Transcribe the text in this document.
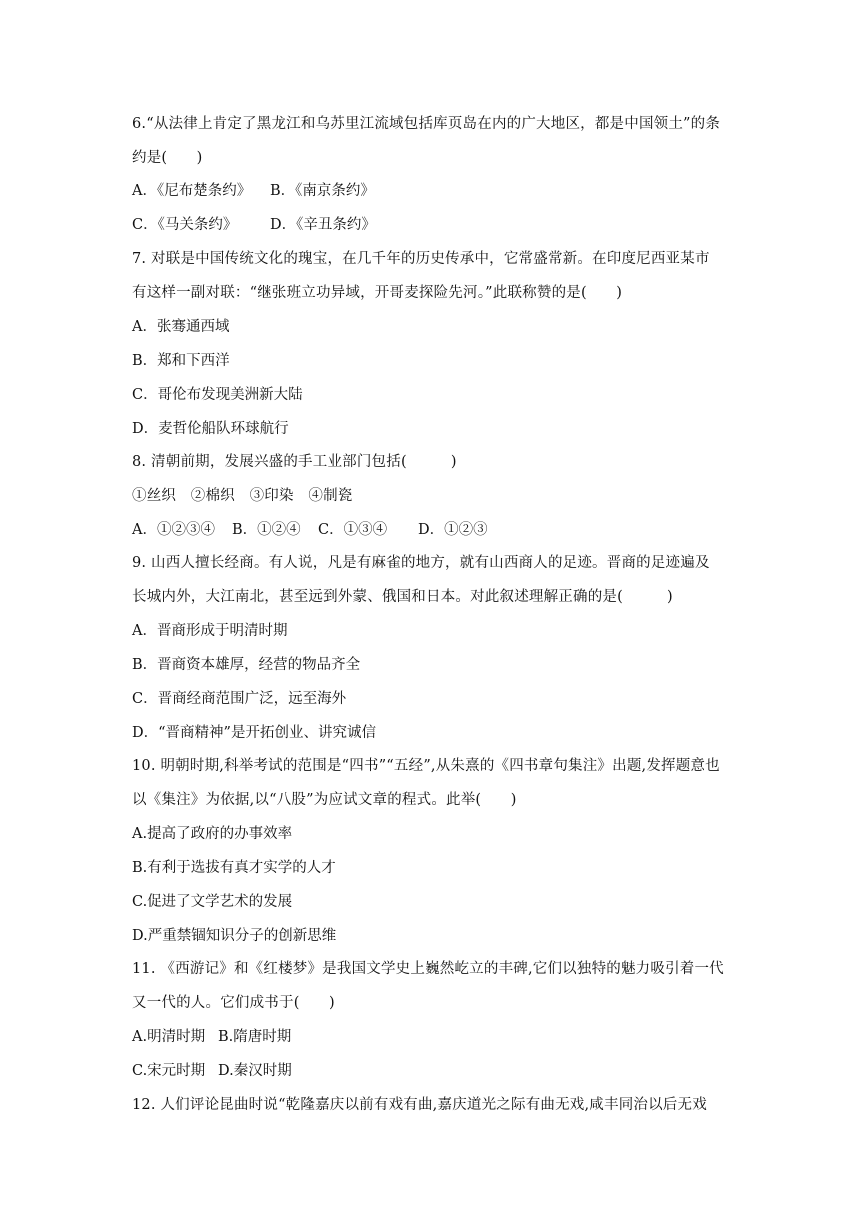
6.“从法律上肯定了黑龙江和乌苏里江流域包括库页岛在内的广大地区，都是中国领土”的条
约是(　　)
A．《尼布楚条约》 B．《南京条约》
C．《马关条约》 D．《辛丑条约》
7. 对联是中国传统文化的瑰宝，在几千年的历史传承中，它常盛常新。在印度尼西亚某市
有这样一副对联：“继张班立功异域，开哥麦探险先河。”此联称赞的是(　　)
A．张骞通西域
B．郑和下西洋
C．哥伦布发现美洲新大陆
D．麦哲伦船队环球航行
8. 清朝前期，发展兴盛的手工业部门包括(　　　)
①丝织　②棉织　③印染　④制瓷
A．①②③④ B．①②④ C．①③④ D．①②③
9. 山西人擅长经商。有人说，凡是有麻雀的地方，就有山西商人的足迹。晋商的足迹遍及
长城内外，大江南北，甚至远到外蒙、俄国和日本。对此叙述理解正确的是(　　　)
A．晋商形成于明清时期
B．晋商资本雄厚，经营的物品齐全
C．晋商经商范围广泛，远至海外
D．“晋商精神”是开拓创业、讲究诚信
10. 明朝时期,科举考试的范围是“四书”“五经”,从朱熹的《四书章句集注》出题,发挥题意也
以《集注》为依据,以“八股”为应试文章的程式。此举(　　)
A.提高了政府的办事效率
B.有利于选拔有真才实学的人才
C.促进了文学艺术的发展
D.严重禁锢知识分子的创新思维
11. 《西游记》和《红楼梦》是我国文学史上巍然屹立的丰碑,它们以独特的魅力吸引着一代
又一代的人。它们成书于(　　)
A.明清时期 B.隋唐时期
C.宋元时期 D.秦汉时期
12. 人们评论昆曲时说“乾隆嘉庆以前有戏有曲,嘉庆道光之际有曲无戏,咸丰同治以后无戏
